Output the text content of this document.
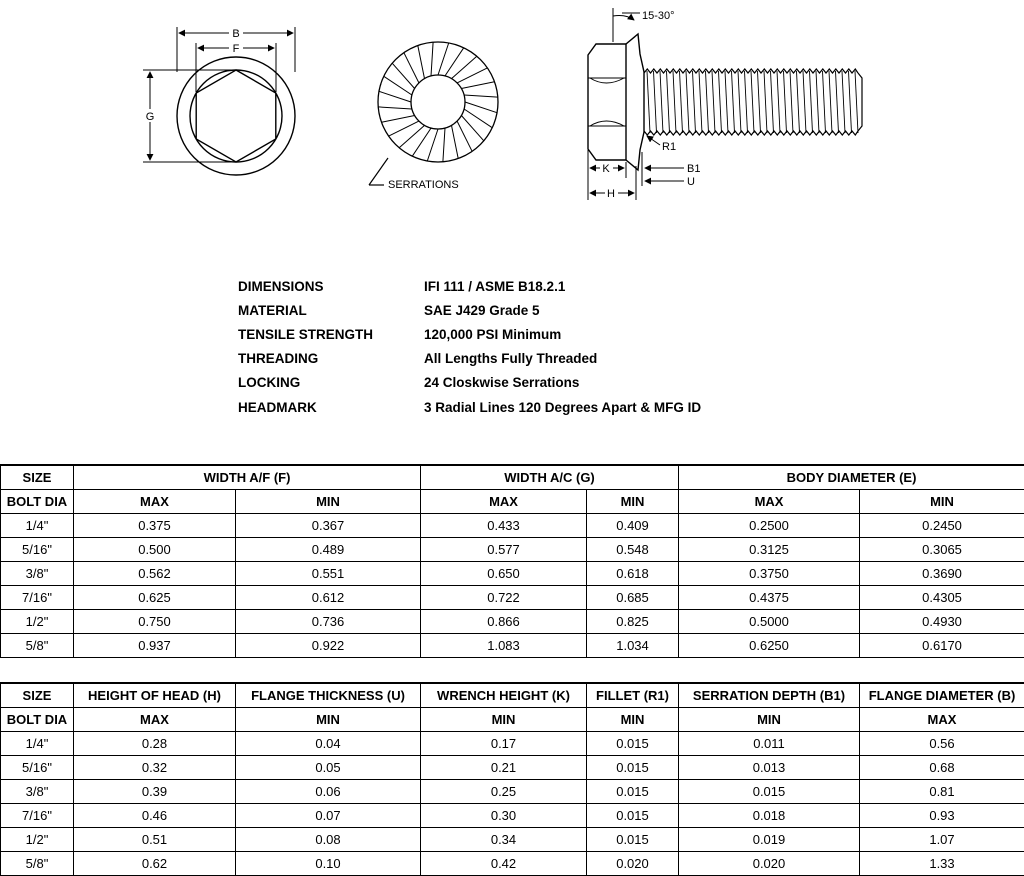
B
F
G
SERRATIONS
15-30°
R1
B1
U
K
H
DIMENSIONS	IFI 111 / ASME B18.2.1
MATERIAL	SAE J429 Grade 5
TENSILE STRENGTH	120,000 PSI Minimum
THREADING	All Lengths Fully Threaded
LOCKING	24 Closkwise Serrations
HEADMARK	3 Radial Lines 120 Degrees Apart & MFG ID
SIZE	WIDTH A/F (F)		WIDTH A/C (G)		BODY DIAMETER (E)	
BOLT DIA	MAX	MIN	MAX	MIN	MAX	MIN
1/4"	0.375	0.367	0.433	0.409	0.2500	0.2450
5/16"	0.500	0.489	0.577	0.548	0.3125	0.3065
3/8"	0.562	0.551	0.650	0.618	0.3750	0.3690
7/16"	0.625	0.612	0.722	0.685	0.4375	0.4305
1/2"	0.750	0.736	0.866	0.825	0.5000	0.4930
5/8"	0.937	0.922	1.083	1.034	0.6250	0.6170
SIZE	HEIGHT OF HEAD (H)	FLANGE THICKNESS (U)	WRENCH HEIGHT (K)	FILLET (R1)	SERRATION DEPTH (B1)	FLANGE DIAMETER (B)
BOLT DIA	MAX	MIN	MIN	MIN	MIN	MAX
1/4"	0.28	0.04	0.17	0.015	0.011	0.56
5/16"	0.32	0.05	0.21	0.015	0.013	0.68
3/8"	0.39	0.06	0.25	0.015	0.015	0.81
7/16"	0.46	0.07	0.30	0.015	0.018	0.93
1/2"	0.51	0.08	0.34	0.015	0.019	1.07
5/8"	0.62	0.10	0.42	0.020	0.020	1.33
